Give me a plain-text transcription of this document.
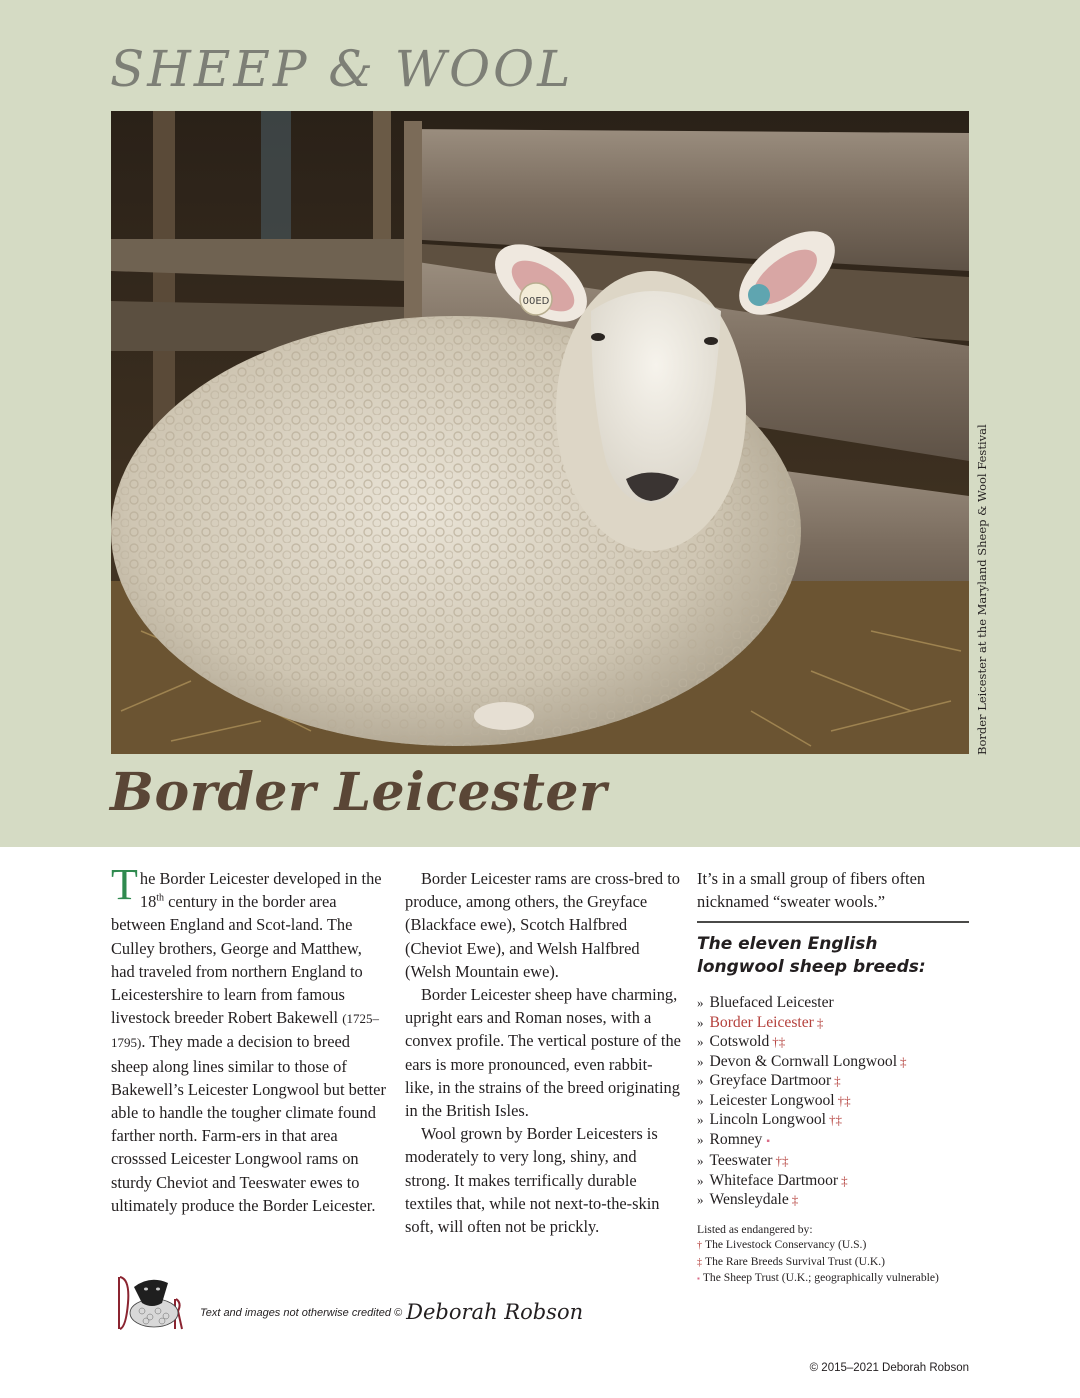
SHEEP & WOOL
00ED
Border Leicester at the Maryland Sheep & Wool Festival
Border Leicester

The Border Leicester developed in the 18th century in the border area between England and Scot-land. The Culley brothers, George and Matthew, had traveled from northern England to Leicestershire to learn from famous livestock breeder Robert Bakewell (1725–1795). They made a decision to breed sheep along lines similar to those of Bakewell’s Leicester Longwool but better able to handle the tougher climate found farther north. Farm-ers in that area crosssed Leicester Longwool rams on sturdy Cheviot and Teeswater ewes to ultimately produce the Border Leicester.

Border Leicester rams are cross-bred to produce, among others, the Greyface (Blackface ewe), Scotch Halfbred (Cheviot Ewe), and Welsh Halfbred (Welsh Mountain ewe).

Border Leicester sheep have charming, upright ears and Roman noses, with a convex profile. The vertical posture of the ears is more pronounced, even rabbit-like, in the strains of the breed originating in the British Isles.

Wool grown by Border Leicesters is moderately to very long, shiny, and strong. It makes terrifically durable textiles that, while not next-to-the-skin soft, will often not be prickly.

It’s in a small group of fibers often nicknamed “sweater wools.”

The eleven English longwool sheep breeds:
» Bluefaced Leicester
» Border Leicester ‡
» Cotswold †‡
» Devon & Cornwall Longwool ‡
» Greyface Dartmoor ‡
» Leicester Longwool †‡
» Lincoln Longwool †‡
» Romney ▪
» Teeswater †‡
» Whiteface Dartmoor ‡
» Wensleydale ‡
Listed as endangered by:
† The Livestock Conservancy (U.S.)
‡ The Rare Breeds Survival Trust (U.K.)
▪ The Sheep Trust (U.K.; geographically vulnerable)
Text and images not otherwise credited © Deborah Robson
© 2015–2021 Deborah Robson
